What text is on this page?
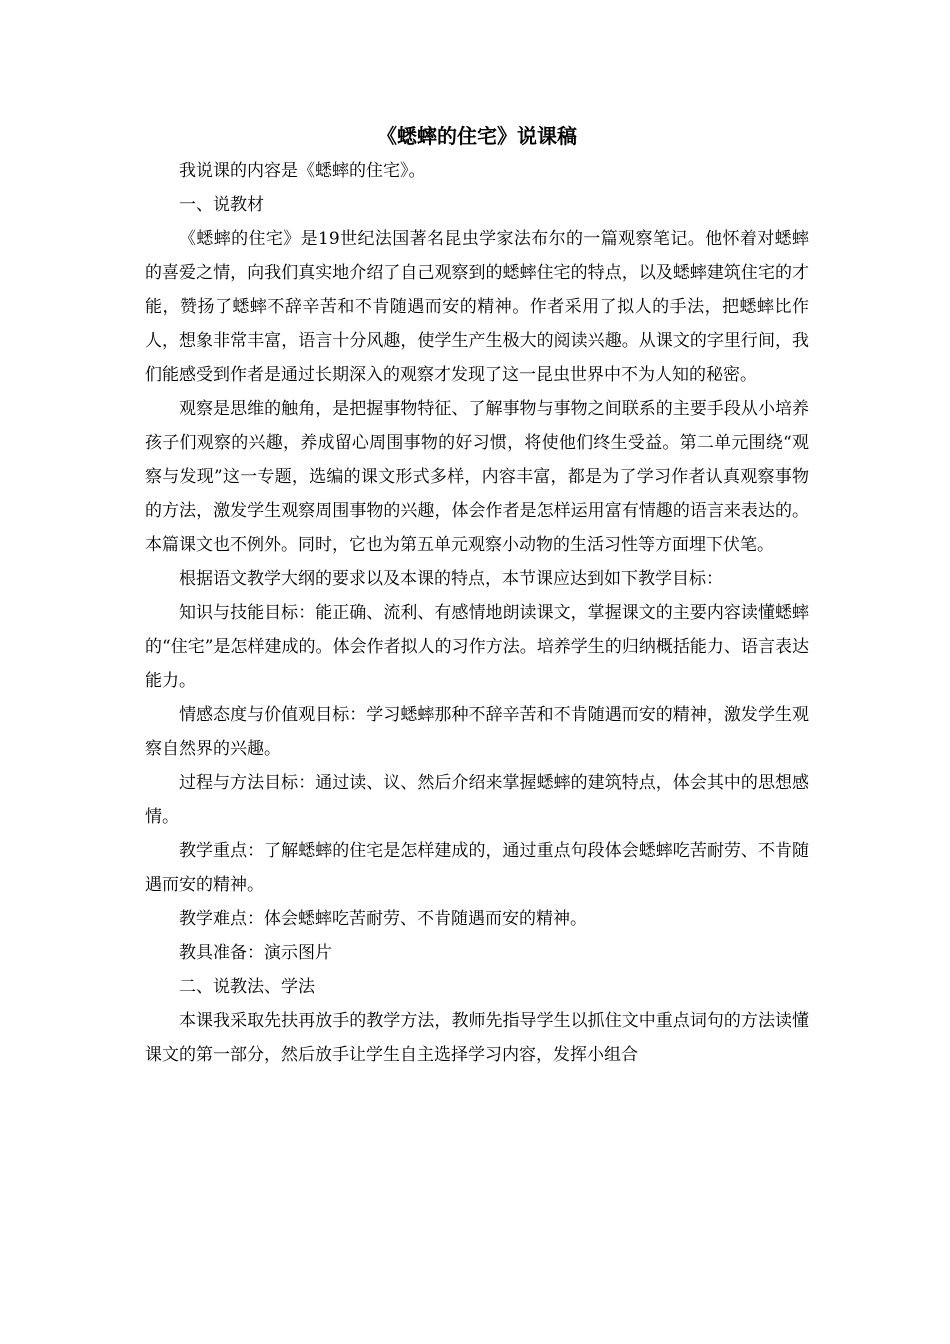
《蟋蟀的住宅》说课稿

我说课的内容是《蟋蟀的住宅》。

一、说教材

《蟋蟀的住宅》是19世纪法国著名昆虫学家法布尔的一篇观察笔记。他怀着对蟋蟀的喜爱之情，向我们真实地介绍了自己观察到的蟋蟀住宅的特点，以及蟋蟀建筑住宅的才能，赞扬了蟋蟀不辞辛苦和不肯随遇而安的精神。作者采用了拟人的手法，把蟋蟀比作人，想象非常丰富，语言十分风趣，使学生产生极大的阅读兴趣。从课文的字里行间，我们能感受到作者是通过长期深入的观察才发现了这一昆虫世界中不为人知的秘密。

观察是思维的触角，是把握事物特征、了解事物与事物之间联系的主要手段从小培养孩子们观察的兴趣，养成留心周围事物的好习惯，将使他们终生受益。第二单元围绕“观察与发现”这一专题，选编的课文形式多样，内容丰富，都是为了学习作者认真观察事物的方法，激发学生观察周围事物的兴趣，体会作者是怎样运用富有情趣的语言来表达的。本篇课文也不例外。同时，它也为第五单元观察小动物的生活习性等方面埋下伏笔。

根据语文教学大纲的要求以及本课的特点，本节课应达到如下教学目标：

知识与技能目标：能正确、流利、有感情地朗读课文，掌握课文的主要内容读懂蟋蟀的“住宅”是怎样建成的。体会作者拟人的习作方法。培养学生的归纳概括能力、语言表达能力。

情感态度与价值观目标：学习蟋蟀那种不辞辛苦和不肯随遇而安的精神，激发学生观察自然界的兴趣。

过程与方法目标：通过读、议、然后介绍来掌握蟋蟀的建筑特点，体会其中的思想感情。

教学重点：了解蟋蟀的住宅是怎样建成的，通过重点句段体会蟋蟀吃苦耐劳、不肯随遇而安的精神。

教学难点：体会蟋蟀吃苦耐劳、不肯随遇而安的精神。

教具准备：演示图片

二、说教法、学法

本课我采取先扶再放手的教学方法，教师先指导学生以抓住文中重点词句的方法读懂课文的第一部分，然后放手让学生自主选择学习内容，发挥小组合
